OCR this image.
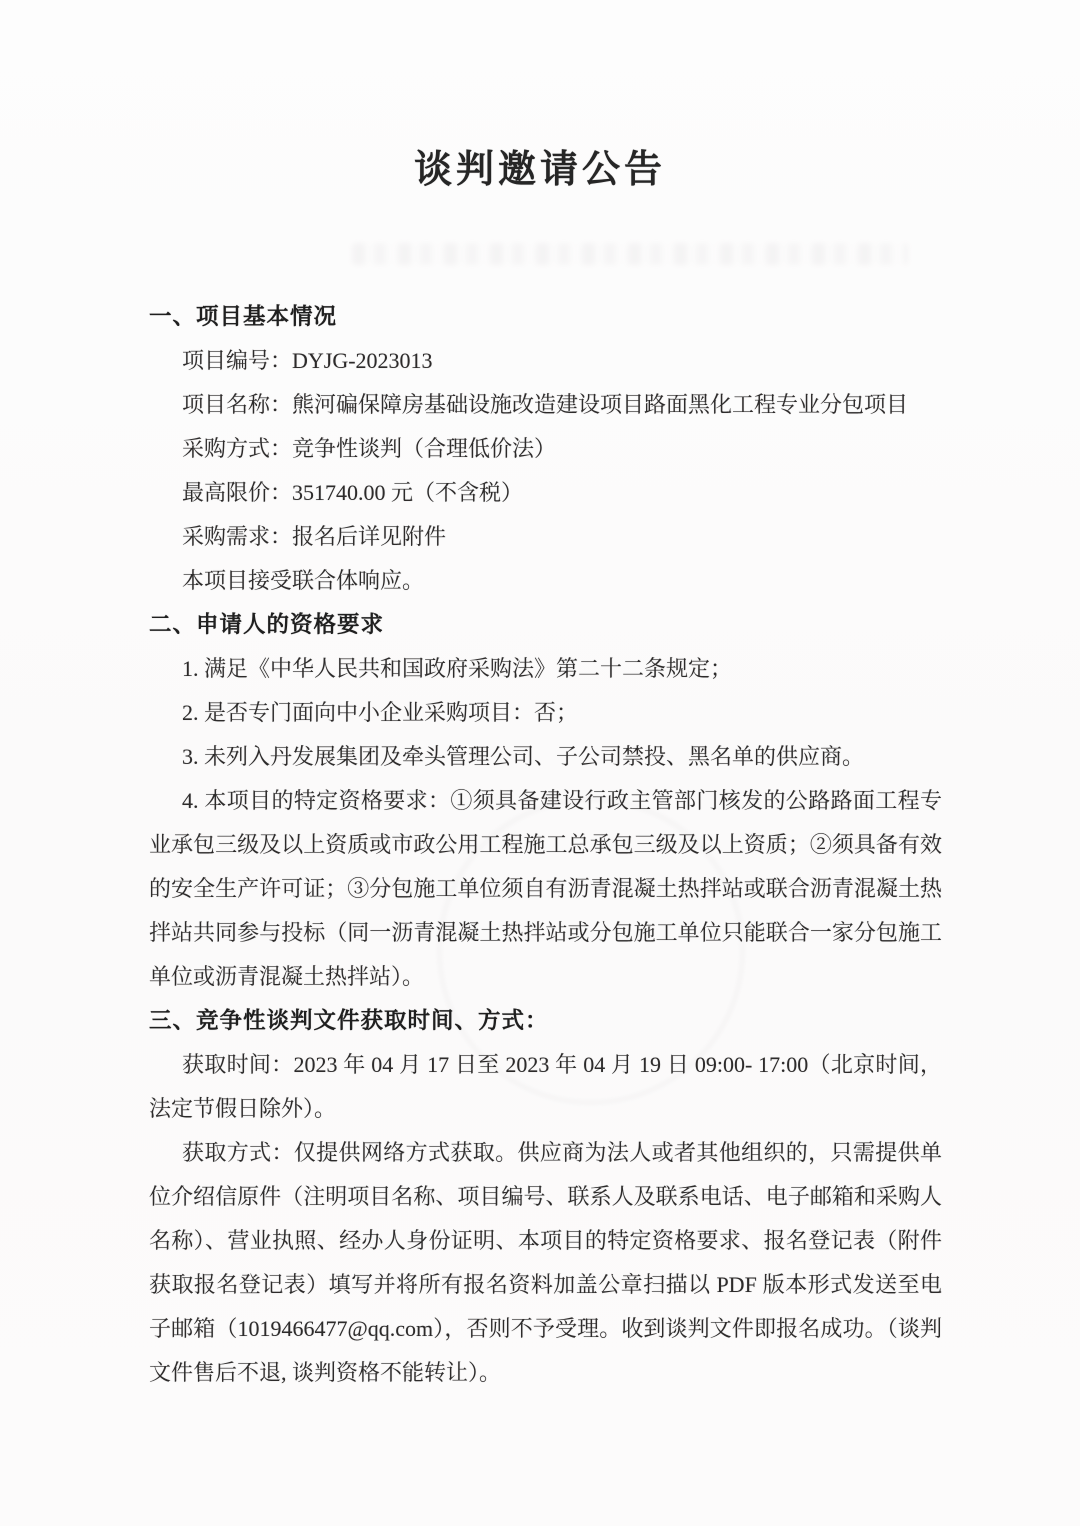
谈判邀请公告
一、项目基本情况

项目编号：DYJG-2023013

项目名称：熊河碥保障房基础设施改造建设项目路面黑化工程专业分包项目

采购方式：竞争性谈判（合理低价法）

最高限价：351740.00 元（不含税）

采购需求：报名后详见附件

本项目接受联合体响应。

二、申请人的资格要求

1. 满足《中华人民共和国政府采购法》第二十二条规定；

2. 是否专门面向中小企业采购项目：否；

3. 未列入丹发展集团及牵头管理公司、子公司禁投、黑名单的供应商。

4. 本项目的特定资格要求：①须具备建设行政主管部门核发的公路路面工程专业承包三级及以上资质或市政公用工程施工总承包三级及以上资质；②须具备有效的安全生产许可证；③分包施工单位须自有沥青混凝土热拌站或联合沥青混凝土热拌站共同参与投标（同一沥青混凝土热拌站或分包施工单位只能联合一家分包施工单位或沥青混凝土热拌站）。

三、竞争性谈判文件获取时间、方式：

获取时间：2023 年 04 月 17 日至 2023 年 04 月 19 日 09:00- 17:00（北京时间，法定节假日除外）。

获取方式：仅提供网络方式获取。供应商为法人或者其他组织的，只需提供单位介绍信原件（注明项目名称、项目编号、联系人及联系电话、电子邮箱和采购人名称）、营业执照、经办人身份证明、本项目的特定资格要求、报名登记表（附件获取报名登记表）填写并将所有报名资料加盖公章扫描以 PDF 版本形式发送至电子邮箱（1019466477@qq.com），否则不予受理。收到谈判文件即报名成功。（谈判文件售后不退, 谈判资格不能转让）。
